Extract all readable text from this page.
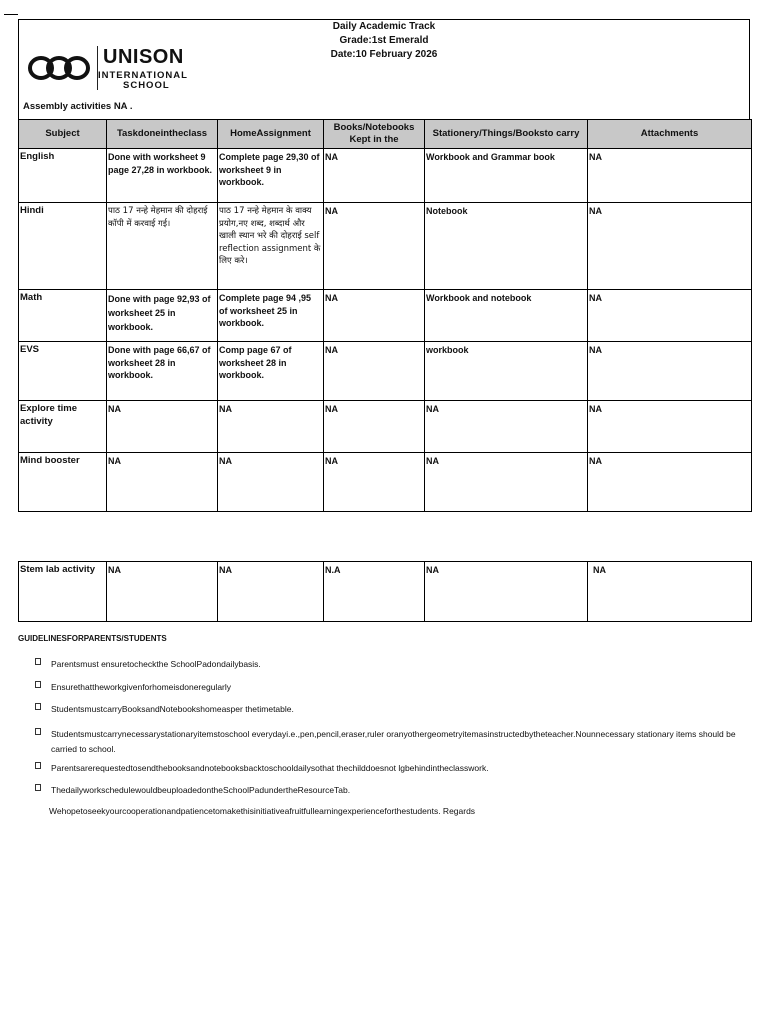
Daily Academic Track
Grade:1st Emerald
Date:10 February 2026
UNISON
INTERNATIONAL
SCHOOL
Assembly activities NA .
Subject	Taskdoneintheclass	HomeAssignment	Books/Notebooks Kept in the	Stationery/Things/Booksto carry	Attachments
English	Done with worksheet 9 page 27,28 in workbook.	Complete page 29,30 of worksheet 9 in workbook.	NA	Workbook and Grammar book	NA
Hindi	पाठ 17 नन्हे मेहमान की दोहराई कॉपी में करवाई गई।	पाठ 17 नन्हे मेहमान के वाक्य प्रयोग,नए शब्द, शब्दार्थ और खाली स्थान भरे की दोहराई self reflection assignment के लिए करे।	NA	Notebook	NA
Math	Done with page 92,93 of worksheet 25 in workbook.	Complete page 94 ,95 of worksheet 25 in workbook.	NA	Workbook and notebook	NA
EVS	Done with page 66,67 of worksheet 28 in workbook.	Comp page 67 of worksheet 28 in workbook.	NA	workbook	NA
Explore time activity	NA	NA	NA	NA	NA
Mind booster	NA	NA	NA	NA	NA
Stem lab activity	NA	NA	N.A	NA	NA
GUIDELINESFORPARENTS/STUDENTS
Parentsmust ensuretocheckthe SchoolPadondailybasis.
Ensurethattheworkgivenforhomeisdoneregularly
StudentsmustcarryBooksandNotebookshomeasper thetimetable.
Studentsmustcarrynecessarystationaryitemstoschool everydayi.e.,pen,pencil,eraser,ruler oranyothergeometryitemasinstructedbytheteacher.Nounnecessary stationary items should be carried to school.
Parentsarerequestedtosendthebooksandnotebooksbacktoschooldailysothat thechilddoesnot lgbehindintheclasswork.
ThedailyworkschedulewouldbeuploadedontheSchoolPadundertheResourceTab.
Wehopetoseekyourcooperationandpatiencetomakethisinitiativeafruitfullearningexperienceforthestudents. Regards
